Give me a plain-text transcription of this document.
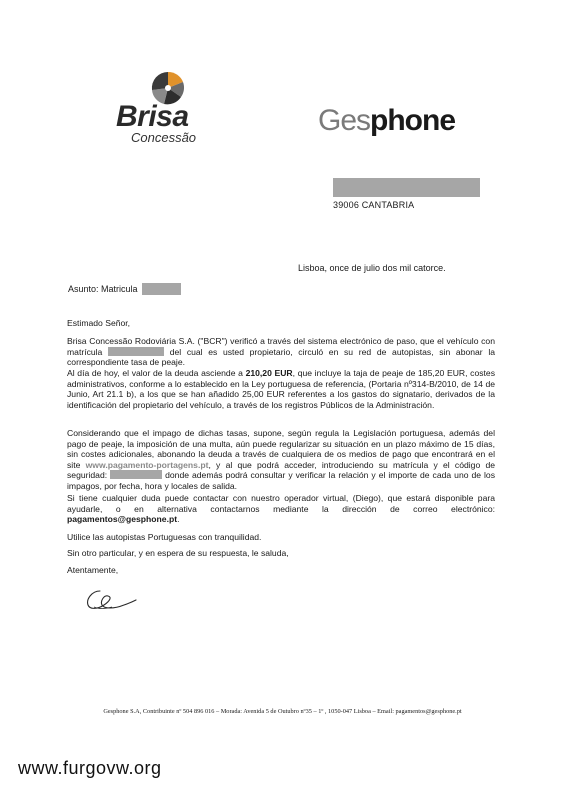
Brisa
Concessão
Gesphone
39006 CANTABRIA
Lisboa, once de julio dos mil catorce.
Asunto: Matricula
Estimado Señor,
Brisa Concessão Rodoviária S.A. ("BCR") verificó a través del sistema electrónico de paso, que el vehículo con matrícula	del cual es usted propietario, circuló en su red de autopistas, sin abonar la correspondiente tasa de peaje.
Al día de hoy, el valor de la deuda asciende a 210,20 EUR, que incluye la taja de peaje de 185,20 EUR, costes administrativos, conforme a lo establecido en la Ley portuguesa de referencia, (Portaria nº314-B/2010, de 14 de Junio, Art 21.1 b), a los que se han añadido 25,00 EUR referentes a los gastos do signatario, derivados de la identificación del propietario del vehículo, a través de los registros Públicos de la Administración.
Considerando que el impago de dichas tasas, supone, según regula la Legislación portuguesa, además del pago de peaje, la imposición de una multa, aún puede regularizar su situación en un plazo máximo de 15 días, sin costes adicionales, abonando la deuda a través de cualquiera de os medios de pago que encontrará en el site www.pagamento-portagens.pt, y al que podrá acceder, introduciendo su matrícula y el código de seguridad:	donde además podrá consultar y verificar la relación y el importe de cada uno de los impagos, por fecha, hora y locales de salida.
Si tiene cualquier duda puede contactar con nuestro operador virtual, (Diego), que estará disponible para ayudarle, o en alternativa contactarnos mediante la dirección de correo electrónico: pagamentos@gesphone.pt.
Utilice las autopistas Portuguesas con tranquilidad.
Sin otro particular, y en espera de su respuesta, le saluda,
Atentamente,
Gesphone S.A, Contribuinte nº 504 896 016 – Morada: Avenida 5 de Outubro nº35 – 1º , 1050-047 Lisboa – Email: pagamentos@gesphone.pt
www.furgovw.org
